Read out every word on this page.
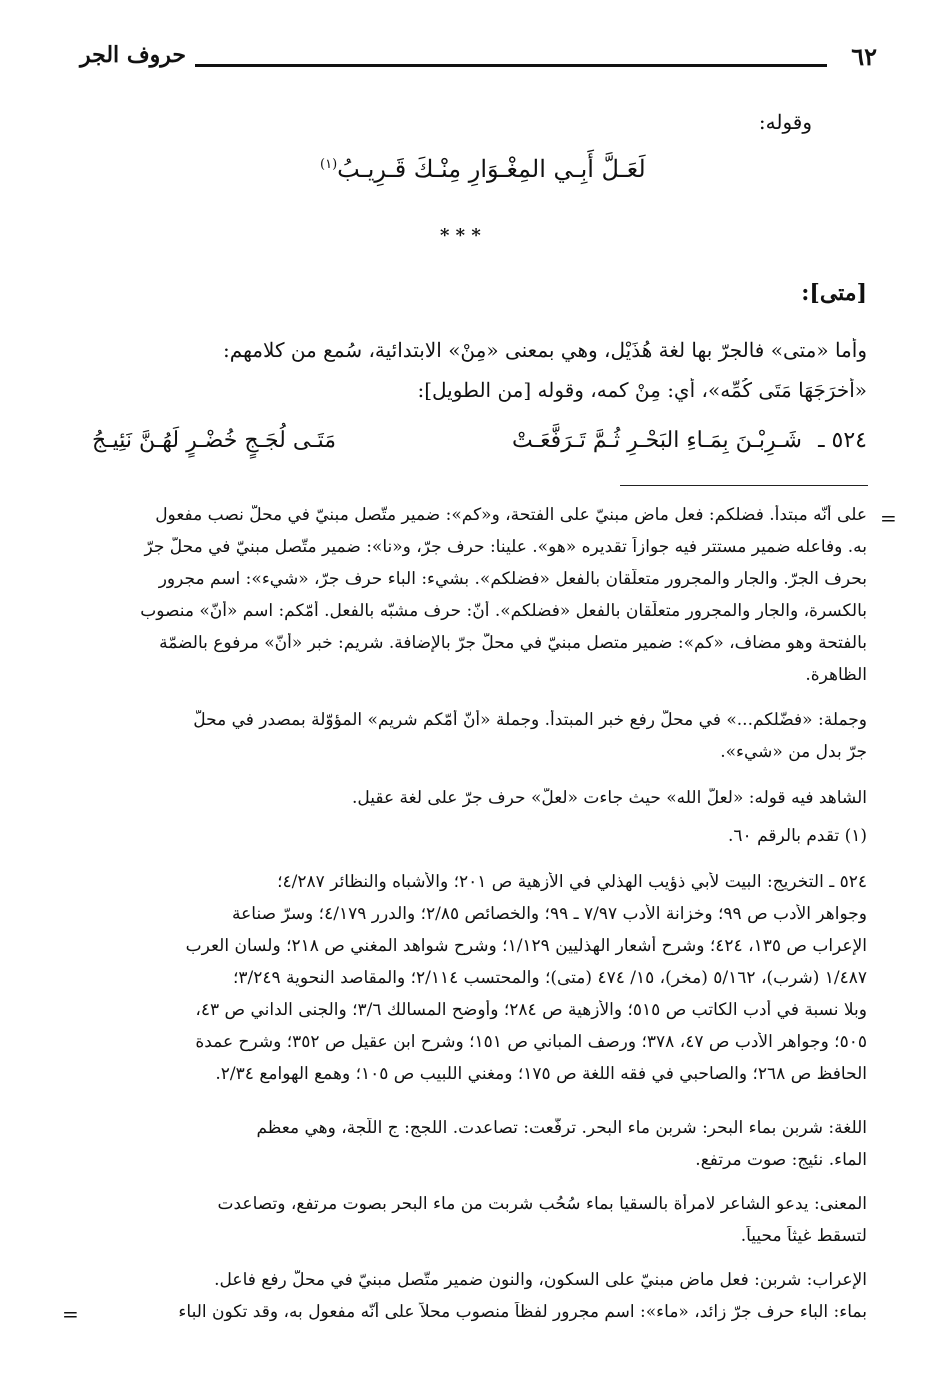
٦٢
حروف الجر
وقوله:
لَعَـلَّ أَبِـي المِغْـوَارِ مِنْـكَ قَـرِيـبُ$^{(١)}$
* * *
[متى]:
وأما «متى» فالجرّ بها لغة هُذَيْل، وهي بمعنى «مِنْ» الابتدائية، سُمع من كلامهم:
«أخرَجَهَا مَتَى كُمِّه»، أي: مِنْ كمه، وقوله [من الطويل]:
٥٢٤ ـ
شَـرِبْـنَ بِمَـاءِ البَحْـرِ ثُـمَّ تَـرَفَّعَـتْ
مَتَـى لُجَـجٍ خُضْـرٍ لَهُـنَّ نَئِيـجُ
=
على أنّه مبتدأ. فضلكم: فعل ماضٍ مبنيّ على الفتحة، و«كم»: ضمير متّصل مبنيّ في محلّ نصب مفعول
به. وفاعله ضمير مستتر فيه جوازاً تقديره «هو». علينا: حرف جرّ، و«نا»: ضمير متّصل مبنيّ في محلّ جرّ
بحرف الجرّ. والجار والمجرور متعلّقان بالفعل «فضلكم». بشيء: الباء حرف جرّ، «شيء»: اسم مجرور
بالكسرة، والجار والمجرور متعلّقان بالفعل «فضلكم». أنّ: حرف مشبّه بالفعل. أمّكم: اسم «أنّ» منصوب
بالفتحة وهو مضاف، «كم»: ضمير متصل مبنيّ في محلّ جرّ بالإضافة. شريم: خبر «أنّ» مرفوع بالضمّة
الظاهرة.
وجملة: «فضّلكم...» في محلّ رفع خبر المبتدأ. وجملة «أنّ أمّكم شريم» المؤوّلة بمصدر في محلّ
جرّ بدل من «شيء».
الشاهد فيه قوله: «لعلّ الله» حيث جاءت «لعلّ» حرف جرّ على لغة عقيل.
(١) تقدم بالرقم ٦٠.
٥٢٤ ـ التخريج: البيت لأبي ذؤيب الهذلي في الأزهية ص ٢٠١؛ والأشباه والنظائر ٤/٢٨٧؛
وجواهر الأدب ص ٩٩؛ وخزانة الأدب ٧/٩٧ ـ ٩٩؛ والخصائص ٢/٨٥؛ والدرر ٤/١٧٩؛ وسرّ صناعة
الإعراب ص ١٣٥، ٤٢٤؛ وشرح أشعار الهذليين ١/١٢٩؛ وشرح شواهد المغني ص ٢١٨؛ ولسان العرب
١/٤٨٧ (شرب)، ٥/١٦٢ (مخر)، ١٥/ ٤٧٤ (متى)؛ والمحتسب ٢/١١٤؛ والمقاصد النحوية ٣/٢٤٩؛
وبلا نسبة في أدب الكاتب ص ٥١٥؛ والأزهية ص ٢٨٤؛ وأوضح المسالك ٣/٦؛ والجنى الداني ص ٤٣،
٥٠٥؛ وجواهر الأدب ص ٤٧، ٣٧٨؛ ورصف المباني ص ١٥١؛ وشرح ابن عقيل ص ٣٥٢؛ وشرح عمدة
الحافظ ص ٢٦٨؛ والصاحبي في فقه اللغة ص ١٧٥؛ ومغني اللبيب ص ١٠٥؛ وهمع الهوامع ٢/٣٤.
اللغة: شربن بماء البحر: شربن ماء البحر. ترفّعت: تصاعدت. اللجج: ج اللّجة، وهي معظم
الماء. نئيج: صوت مرتفع.
المعنى: يدعو الشاعر لامرأة بالسقيا بماء سُحُب شربت من ماء البحر بصوت مرتفع، وتصاعدت
لتسقط غيثاً محيياً.
الإعراب: شربن: فعل ماضٍ مبنيّ على السكون، والنون ضمير متّصل مبنيّ في محلّ رفع فاعل.
بماء: الباء حرف جرّ زائد، «ماء»: اسم مجرور لفظاً منصوب محلاً على أنّه مفعول به، وقد تكون الباء
=
